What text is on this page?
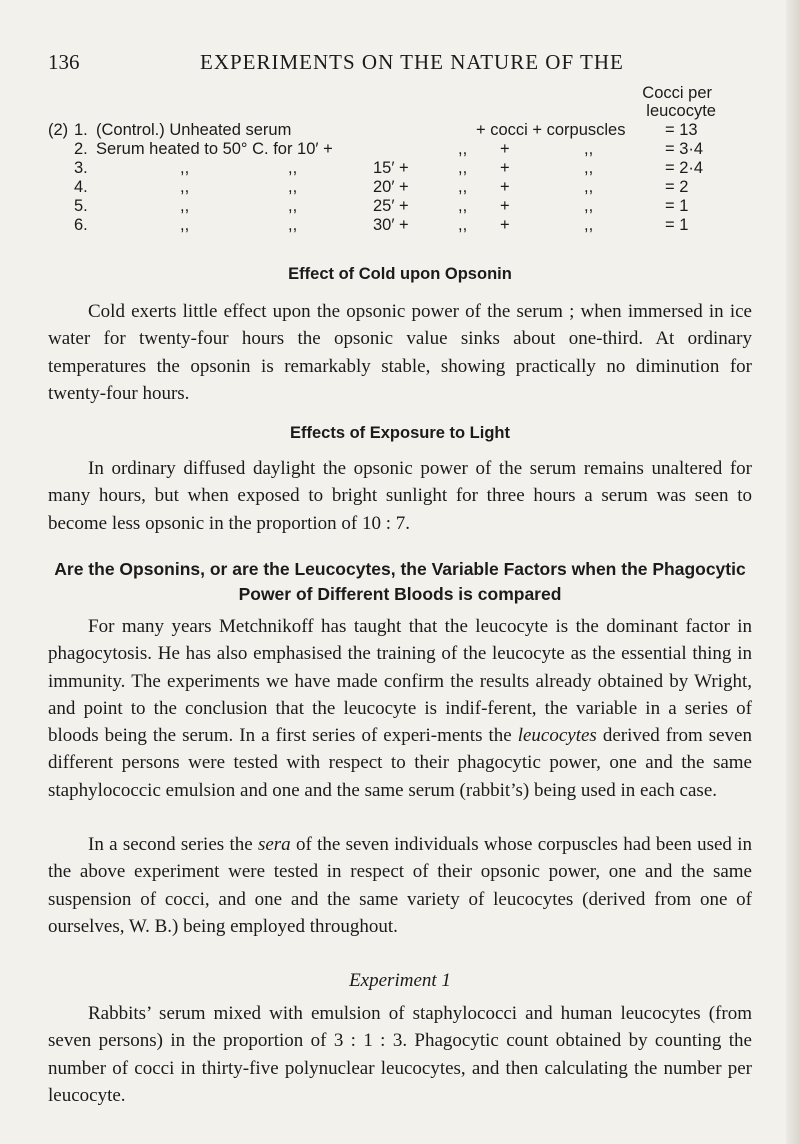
136	EXPERIMENTS ON THE NATURE OF THE
Cocci per
leucocyte
(2) 1. (Control.) Unheated serum	+ cocci + corpuscles = 13
2. Serum heated to 50° C. for 10′ +	,, +	,,	= 3·4
3.	,,	,,	15′ +	,, +	,,	= 2·4
4.	,,	,,	20′ +	,, +	,,	= 2
5.	,,	,,	25′ +	,, +	,,	= 1
6.	,,	,,	30′ +	,, +	,,	= 1
Effect of Cold upon Opsonin

Cold exerts little effect upon the opsonic power of the serum ; when immersed in ice water for twenty-four hours the opsonic value sinks about one-third. At ordinary temperatures the opsonin is remarkably stable, showing practically no diminution for twenty-four hours.

Effects of Exposure to Light

In ordinary diffused daylight the opsonic power of the serum remains unaltered for many hours, but when exposed to bright sunlight for three hours a serum was seen to become less opsonic in the proportion of 10 : 7.

Are the Opsonins, or are the Leucocytes, the Variable Factors when the Phagocytic
Power of Different Bloods is compared

For many years Metchnikoff has taught that the leucocyte is the dominant factor in phagocytosis. He has also emphasised the training of the leucocyte as the essential thing in immunity. The experiments we have made confirm the results already obtained by Wright, and point to the conclusion that the leucocyte is indif-ferent, the variable in a series of bloods being the serum. In a first series of experi-ments the leucocytes derived from seven different persons were tested with respect to their phagocytic power, one and the same staphylococcic emulsion and one and the same serum (rabbit’s) being used in each case.

In a second series the sera of the seven individuals whose corpuscles had been used in the above experiment were tested in respect of their opsonic power, one and the same suspension of cocci, and one and the same variety of leucocytes (derived from one of ourselves, W. B.) being employed throughout.

Experiment 1

Rabbits’ serum mixed with emulsion of staphylococci and human leucocytes (from seven persons) in the proportion of 3 : 1 : 3. Phagocytic count obtained by counting the number of cocci in thirty-five polynuclear leucocytes, and then calculating the number per leucocyte.
